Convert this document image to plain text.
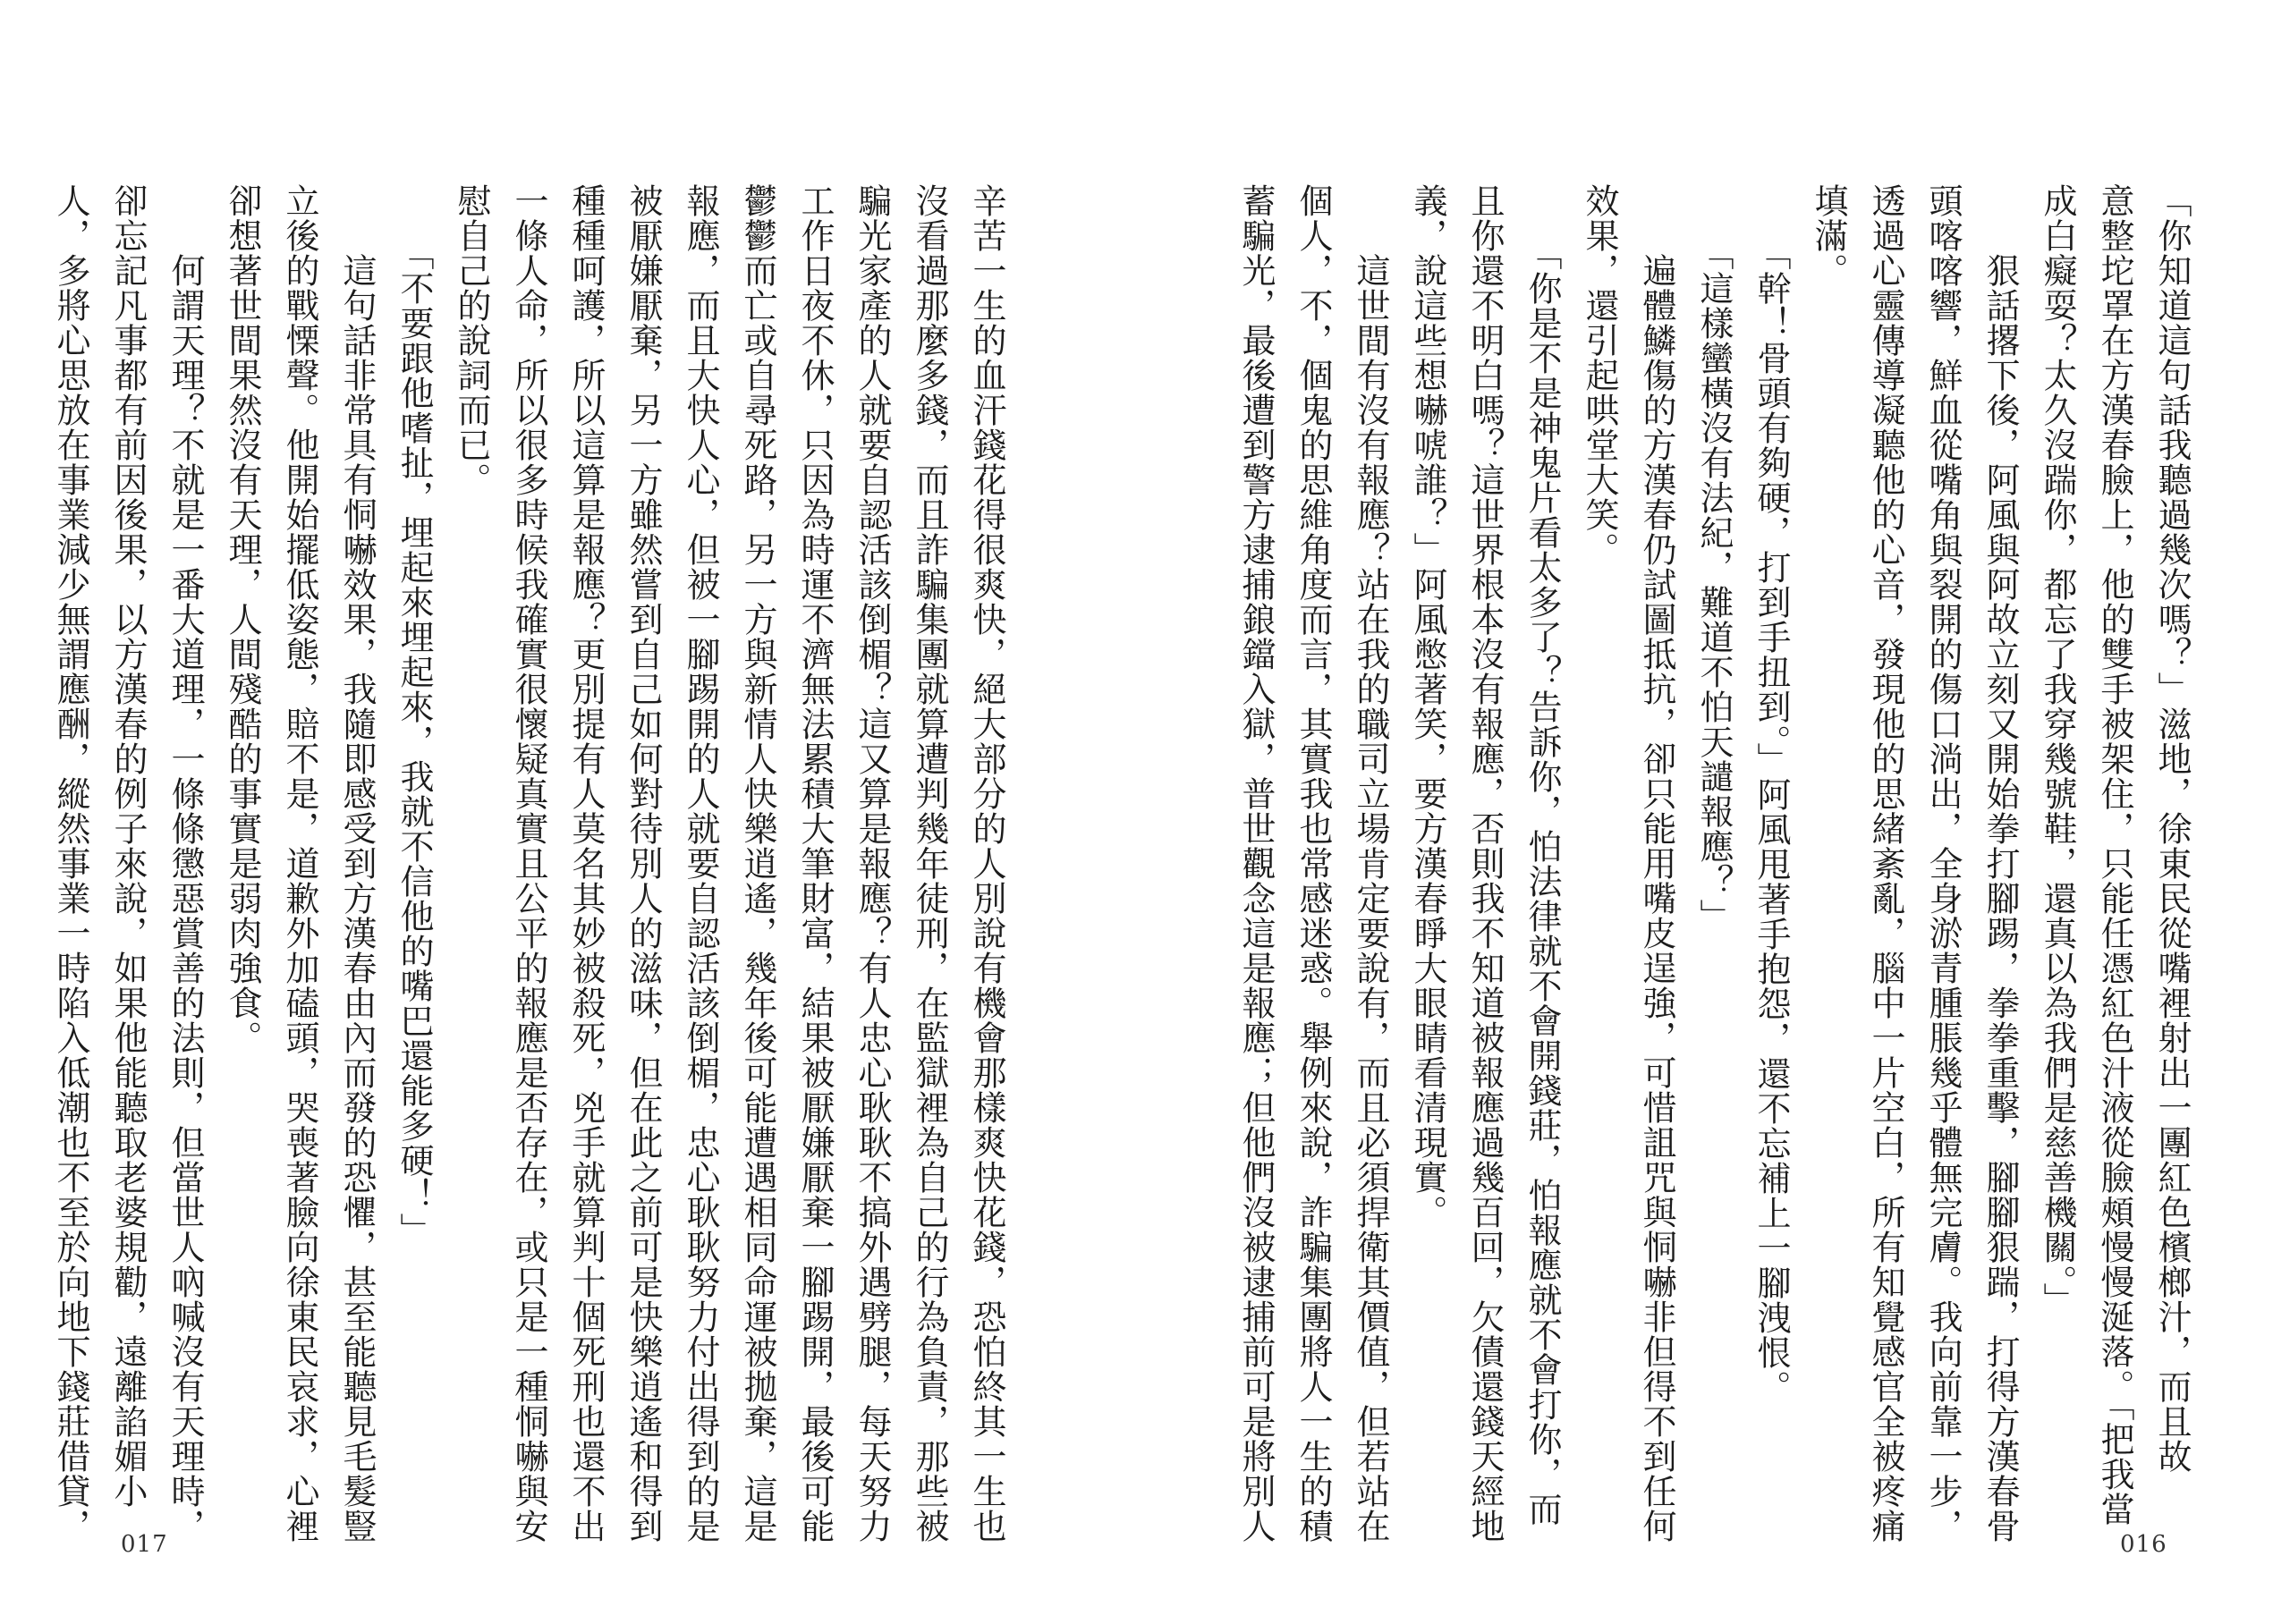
辛苦一生的血汗錢花得很爽快，絕大部分的人別說有機會那樣爽快花錢，恐怕終其一生也

沒看過那麼多錢，而且詐騙集團就算遭判幾年徒刑，在監獄裡為自己的行為負責，那些被

騙光家產的人就要自認活該倒楣？這又算是報應？有人忠心耿耿不搞外遇劈腿，每天努力

工作日夜不休，只因為時運不濟無法累積大筆財富，結果被厭嫌厭棄一腳踢開，最後可能

鬱鬱而亡或自尋死路，另一方與新情人快樂逍遙，幾年後可能遭遇相同命運被拋棄，這是

報應，而且大快人心，但被一腳踢開的人就要自認活該倒楣，忠心耿耿努力付出得到的是

被厭嫌厭棄，另一方雖然嘗到自己如何對待別人的滋味，但在此之前可是快樂逍遙和得到

種種呵護，所以這算是報應？更別提有人莫名其妙被殺死，兇手就算判十個死刑也還不出

一條人命，所以很多時候我確實很懷疑真實且公平的報應是否存在，或只是一種恫嚇與安

慰自己的說詞而已。

　　「不要跟他嗜扯，埋起來埋起來，我就不信他的嘴巴還能多硬！」

　　這句話非常具有恫嚇效果，我隨即感受到方漢春由內而發的恐懼，甚至能聽見毛髮豎

立後的戰慄聲。他開始擺低姿態，賠不是，道歉外加磕頭，哭喪著臉向徐東民哀求，心裡

卻想著世間果然沒有天理，人間殘酷的事實是弱肉強食。

　　何謂天理？不就是一番大道理，一條條懲惡賞善的法則，但當世人吶喊沒有天理時，

卻忘記凡事都有前因後果，以方漢春的例子來說，如果他能聽取老婆規勸，遠離諂媚小

人，多將心思放在事業減少無謂應酬，縱然事業一時陷入低潮也不至於向地下錢莊借貸，

017

「你知道這句話我聽過幾次嗎？」滋地，徐東民從嘴裡射出一團紅色檳榔汁，而且故

意整坨罩在方漢春臉上，他的雙手被架住，只能任憑紅色汁液從臉頰慢慢涎落。「把我當

成白癡耍？太久沒踹你，都忘了我穿幾號鞋，還真以為我們是慈善機關。」

　　狠話撂下後，阿風與阿故立刻又開始拳打腳踢，拳拳重擊，腳腳狠踹，打得方漢春骨

頭喀喀響，鮮血從嘴角與裂開的傷口淌出，全身淤青腫脹幾乎體無完膚。我向前靠一步，

透過心靈傳導凝聽他的心音，發現他的思緒紊亂，腦中一片空白，所有知覺感官全被疼痛

填滿。

　　「幹！骨頭有夠硬，打到手扭到。」阿風甩著手抱怨，還不忘補上一腳洩恨。

　　「這樣蠻橫沒有法紀，難道不怕天譴報應？」

　　遍體鱗傷的方漢春仍試圖抵抗，卻只能用嘴皮逞強，可惜詛咒與恫嚇非但得不到任何

效果，還引起哄堂大笑。

　　「你是不是神鬼片看太多了？告訴你，怕法律就不會開錢莊，怕報應就不會打你，而

且你還不明白嗎？這世界根本沒有報應，否則我不知道被報應過幾百回，欠債還錢天經地

義，說這些想嚇唬誰？」阿風憋著笑，要方漢春睜大眼睛看清現實。

　　這世間有沒有報應？站在我的職司立場肯定要說有，而且必須捍衛其價值，但若站在

個人，不，個鬼的思維角度而言，其實我也常感迷惑。舉例來說，詐騙集團將人一生的積

蓄騙光，最後遭到警方逮捕鋃鐺入獄，普世觀念這是報應；但他們沒被逮捕前可是將別人

016
